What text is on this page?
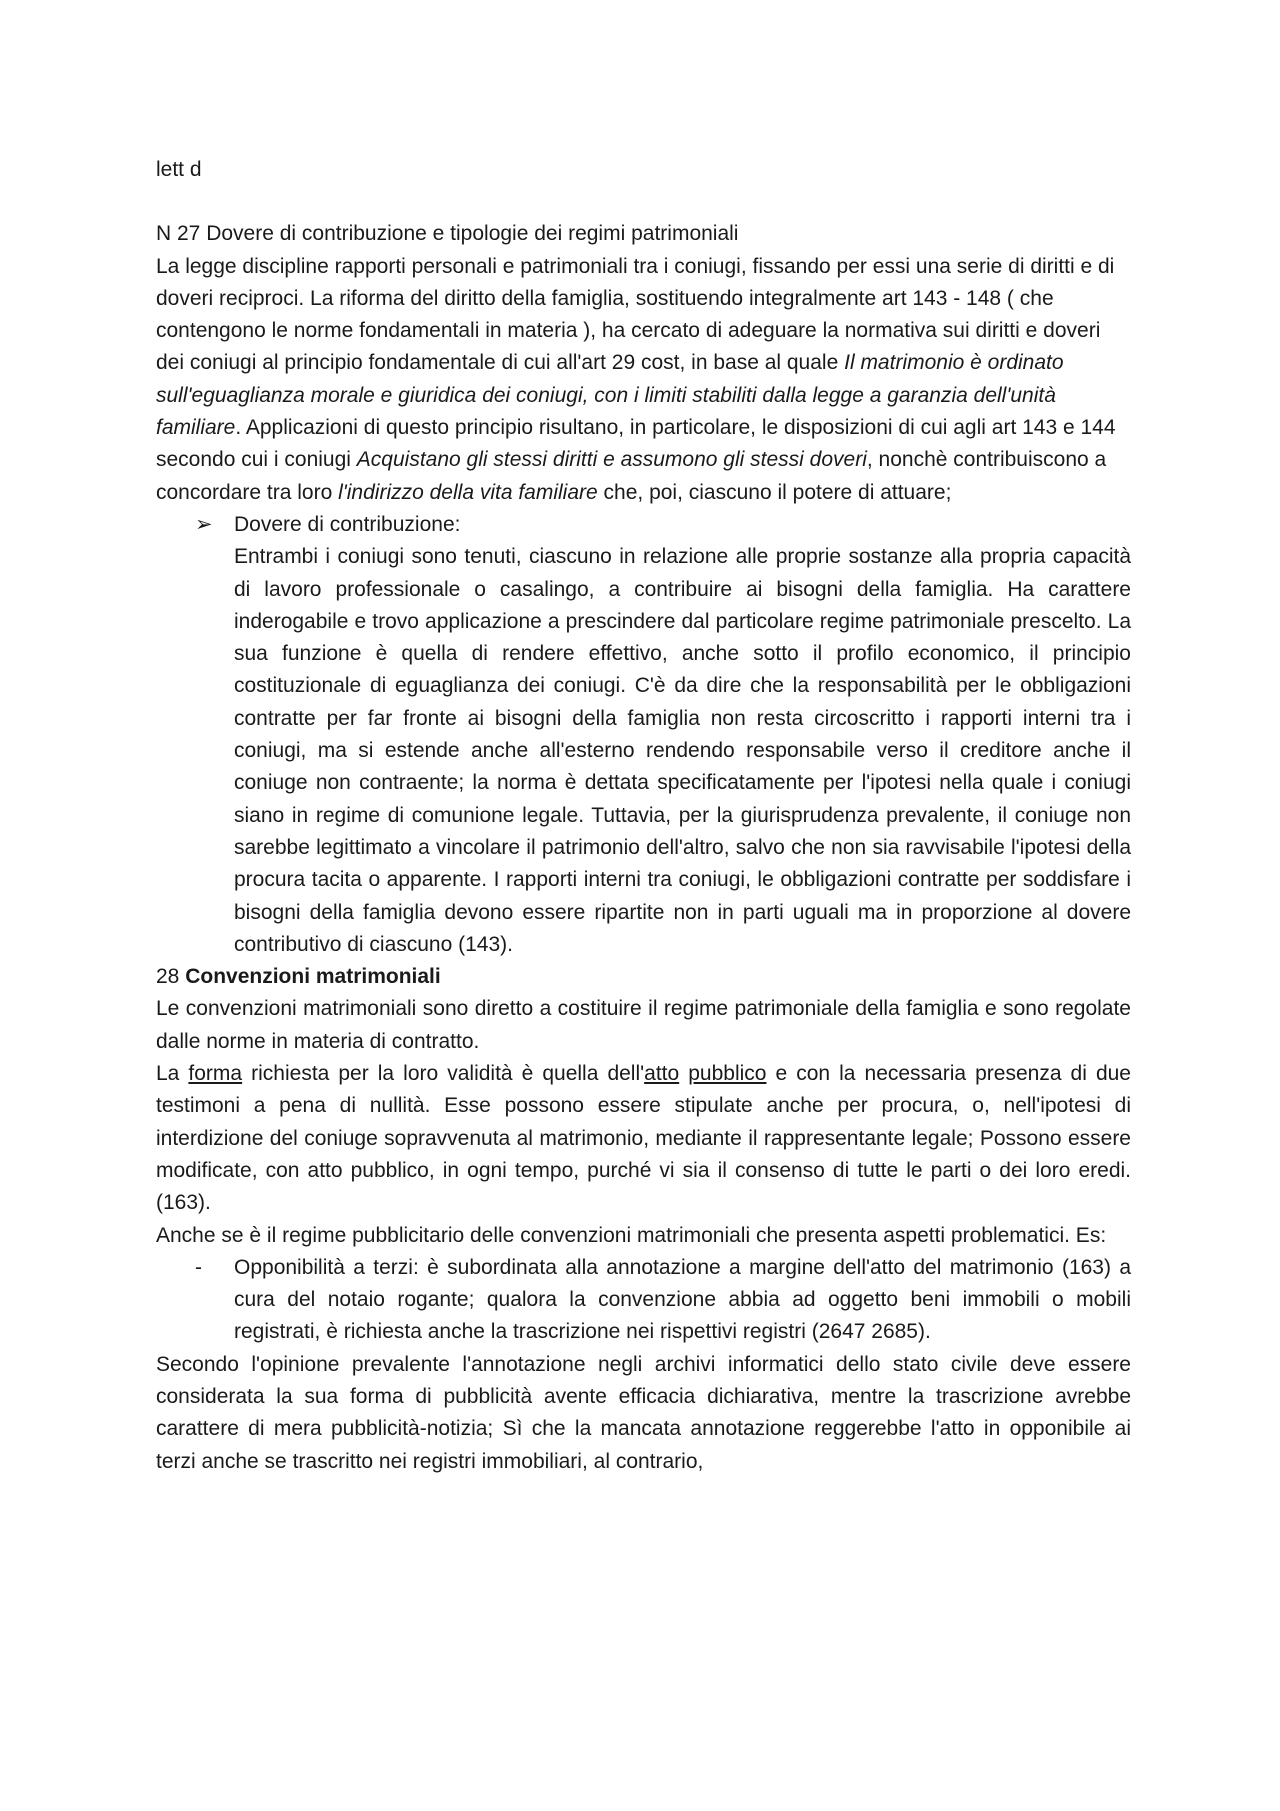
lett d

N 27 Dovere di contribuzione e tipologie dei regimi patrimoniali

La legge discipline rapporti personali e patrimoniali tra i coniugi, fissando per essi una serie di diritti e di doveri reciproci. La riforma del diritto della famiglia, sostituendo integralmente art 143 - 148 ( che contengono le norme fondamentali in materia ), ha cercato di adeguare la normativa sui diritti e doveri dei coniugi al principio fondamentale di cui all'art 29 cost, in base al quale Il matrimonio è ordinato sull'eguaglianza morale e giuridica dei coniugi, con i limiti stabiliti dalla legge a garanzia dell'unità familiare. Applicazioni di questo principio risultano, in particolare, le disposizioni di cui agli art 143 e 144 secondo cui i coniugi Acquistano gli stessi diritti e assumono gli stessi doveri, nonchè contribuiscono a concordare tra loro l'indirizzo della vita familiare che, poi, ciascuno il potere di attuare;

➢ Dovere di contribuzione:

Entrambi i coniugi sono tenuti, ciascuno in relazione alle proprie sostanze alla propria capacità di lavoro professionale o casalingo, a contribuire ai bisogni della famiglia. Ha carattere inderogabile e trovo applicazione a prescindere dal particolare regime patrimoniale prescelto. La sua funzione è quella di rendere effettivo, anche sotto il profilo economico, il principio costituzionale di eguaglianza dei coniugi. C'è da dire che la responsabilità per le obbligazioni contratte per far fronte ai bisogni della famiglia non resta circoscritto i rapporti interni tra i coniugi, ma si estende anche all'esterno rendendo responsabile verso il creditore anche il coniuge non contraente; la norma è dettata specificatamente per l'ipotesi nella quale i coniugi siano in regime di comunione legale. Tuttavia, per la giurisprudenza prevalente, il coniuge non sarebbe legittimato a vincolare il patrimonio dell'altro, salvo che non sia ravvisabile l'ipotesi della procura tacita o apparente. I rapporti interni tra coniugi, le obbligazioni contratte per soddisfare i bisogni della famiglia devono essere ripartite non in parti uguali ma in proporzione al dovere contributivo di ciascuno (143).

28 Convenzioni matrimoniali

Le convenzioni matrimoniali sono diretto a costituire il regime patrimoniale della famiglia e sono regolate dalle norme in materia di contratto.

La forma richiesta per la loro validità è quella dell'atto pubblico e con la necessaria presenza di due testimoni a pena di nullità. Esse possono essere stipulate anche per procura, o, nell'ipotesi di interdizione del coniuge sopravvenuta al matrimonio, mediante il rappresentante legale; Possono essere modificate, con atto pubblico, in ogni tempo, purché vi sia il consenso di tutte le parti o dei loro eredi. (163).

Anche se è il regime pubblicitario delle convenzioni matrimoniali che presenta aspetti problematici. Es:

- Opponibilità a terzi: è subordinata alla annotazione a margine dell'atto del matrimonio (163) a cura del notaio rogante; qualora la convenzione abbia ad oggetto beni immobili o mobili registrati, è richiesta anche la trascrizione nei rispettivi registri (2647 2685).

Secondo l'opinione prevalente l'annotazione negli archivi informatici dello stato civile deve essere considerata la sua forma di pubblicità avente efficacia dichiarativa, mentre la trascrizione avrebbe carattere di mera pubblicità-notizia; Sì che la mancata annotazione reggerebbe l'atto in opponibile ai terzi anche se trascritto nei registri immobiliari, al contrario,
